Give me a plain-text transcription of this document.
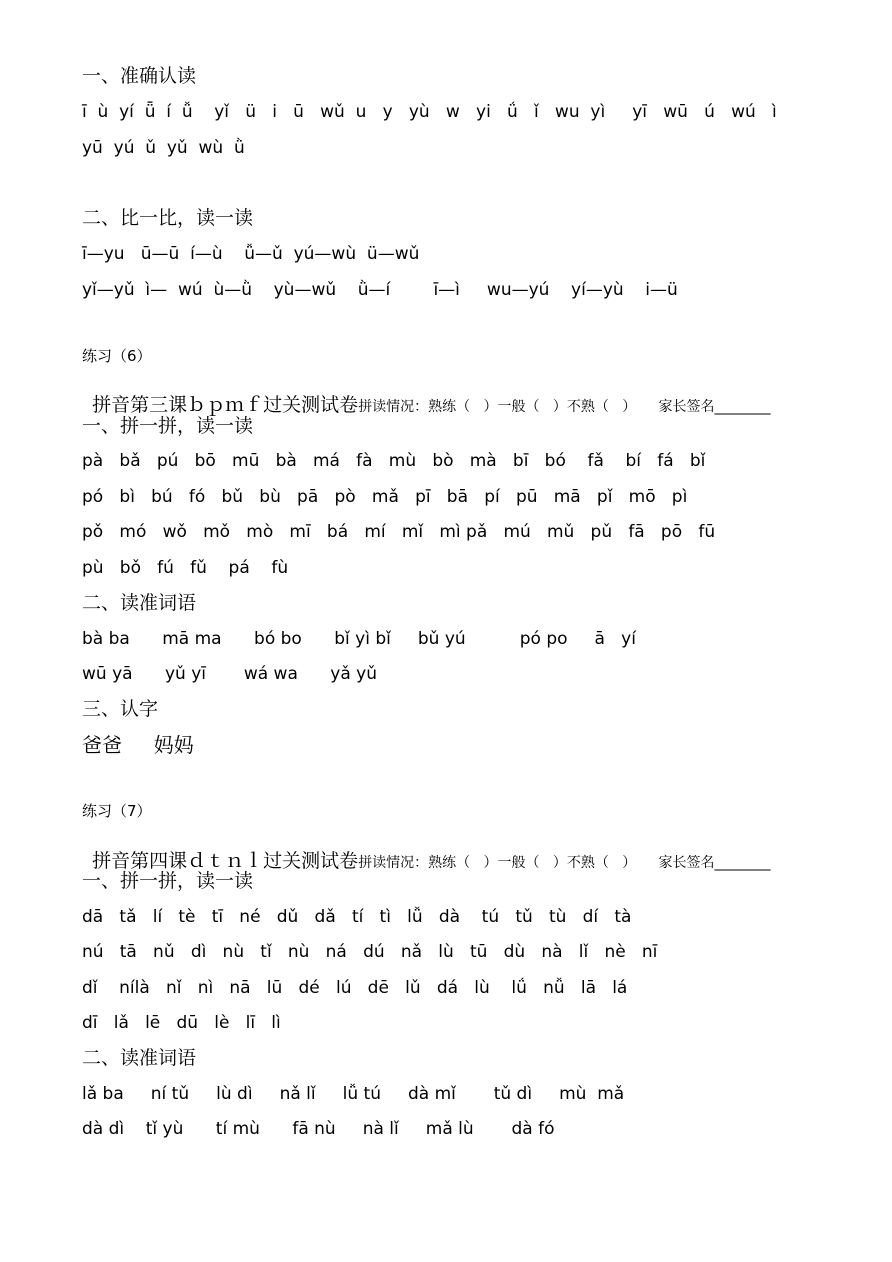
一、准确认读
ī  ù  yí  ǖ  í  ǚ    yǐ   ü   i   ū   wǔ  u   y   yù   w   yi   ǘ   ǐ   wu  yì     yī   wū   ú   wú   ì
yū  yú  ǔ  yǔ  wù  ǜ
二、比一比，读一读
ī—yu   ū—ū  í—ù    ǚ—ǔ  yú—wù  ü—wǔ
yǐ—yǔ  ì—  wú  ù—ǜ    yù—wǔ    ǜ—í        ī—ì     wu—yú    yí—yù    i—ü
练习（6）

拼音第三课ｂｐｍｆ过关测试卷拼读情况：熟练（   ）一般（   ）不熟（   ）     家长签名________

一、拼一拼，读一读
pà   bǎ   pú   bō   mū   bà   má   fà   mù   bò   mà   bī   bó    fǎ    bí   fá   bǐ
pó   bì   bú   fó   bǔ   bù   pā   pò   mǎ   pī   bā   pí   pū   mā   pǐ   mō   pì
pǒ   mó   wǒ   mǒ   mò   mī   bá   mí   mǐ   mì pǎ   mú   mǔ   pǔ   fā   pō   fū
pù   bǒ   fú   fǔ    pá    fù
二、读准词语
bà ba      mā ma      bó bo      bǐ yì bǐ     bǔ yú          pó po     ā   yí
wū yā      yǔ yī       wá wa      yǎ yǔ
三、认字
爸爸     妈妈
练习（7）

拼音第四课ｄｔｎｌ过关测试卷拼读情况：熟练（   ）一般（   ）不熟（   ）     家长签名________

一、拼一拼，读一读
dā   tǎ   lí   tè   tī   né   dǔ   dǎ   tí   tì   lǚ   dà    tú   tǔ   tù   dí   tà
nú   tā   nǔ   dì   nù   tǐ   nù   ná   dú   nǎ   lù   tū   dù   nà   lǐ   nè   nī
dǐ    nílà   nǐ   nì   nā   lū   dé   lú   dē   lǔ   dá   lù    lǘ   nǚ   lā   lá
dī   lǎ   lē   dū   lè   lī   lì
二、读准词语
lǎ ba     ní tǔ     lù dì     nǎ lǐ     lǚ tú     dà mǐ       tǔ dì     mù  mǎ
dà dì    tǐ yù      tí mù      fā nù     nà lǐ     mǎ lù       dà fó
